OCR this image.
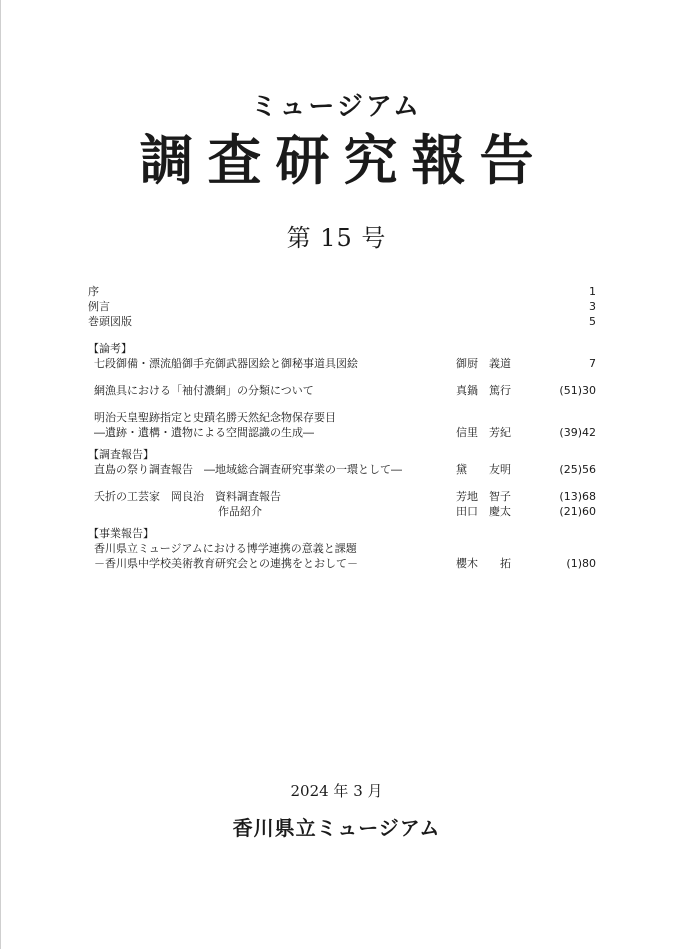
ミュージアム
調査研究報告
第 15 号
序	1
例言	3
巻頭図版	5
【論考】
七段御備・漂流船御手充御武器図絵と御秘事道具図絵	御厨　義道	7
網漁具における「袖付濃網」の分類について	真鍋　篤行	(51)30
明治天皇聖跡指定と史蹟名勝天然紀念物保存要目
―遺跡・遺構・遺物による空間認識の生成―	信里　芳紀	(39)42
【調査報告】
直島の祭り調査報告　―地域総合調査研究事業の一環として―	黛　　友明	(25)56
夭折の工芸家　岡良治　資料調査報告	芳地　智子	(13)68
作品紹介	田口　慶太	(21)60
【事業報告】
香川県立ミュージアムにおける博学連携の意義と課題
－香川県中学校美術教育研究会との連携をとおして－	櫻木　　拓	(1)80
2024 年 3 月
香川県立ミュージアム
